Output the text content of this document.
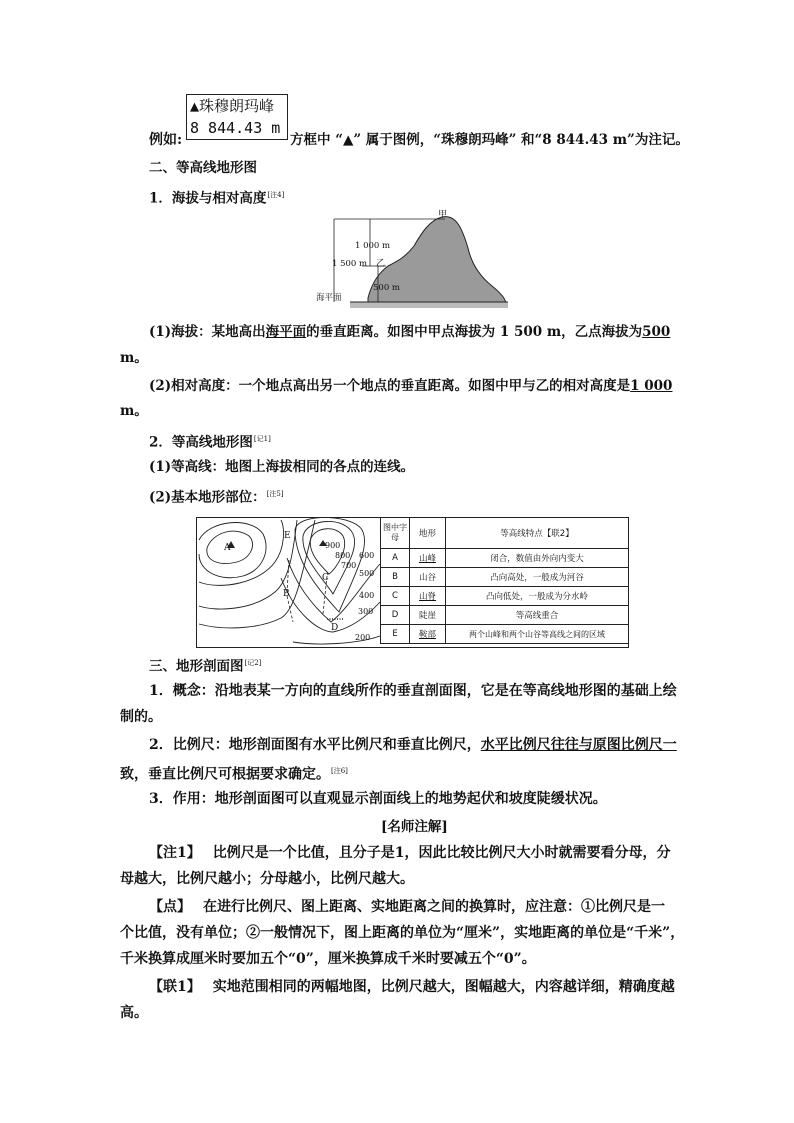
▲珠穆朗玛峰
8 844.43 m
例如:	方框中 “▲” 属于图例，“珠穆朗玛峰” 和“8 844.43 m”为注记。
二、等高线地形图
1．海拔与相对高度[注4]
甲
1 000 m
1 500 m 乙
500 m
海平面
(1)海拔：某地高出海平面的垂直距离。如图中甲点海拔为 1 500 m，乙点海拔为500
m。
(2)相对高度：一个地点高出另一个地点的垂直距离。如图中甲与乙的相对高度是1 000
m。
2．等高线地形图[记1]
(1)等高线：地图上海拔相同的各点的连线。
(2)基本地形部位：[注5]
A
E
900
800
700
600
C	500
B	400
300
D
200
图中字母	地形	等高线特点【联2】
A	山峰	闭合，数值由外向内变大
B	山谷	凸向高处，一般成为河谷
C	山脊	凸向低处，一般成为分水岭
D	陡崖	等高线重合
E	鞍部	两个山峰和两个山谷等高线之间的区域
三、地形剖面图[记2]
1．概念：沿地表某一方向的直线所作的垂直剖面图，它是在等高线地形图的基础上绘
制的。
2．比例尺：地形剖面图有水平比例尺和垂直比例尺，水平比例尺往往与原图比例尺一
致，垂直比例尺可根据要求确定。[注6]
3．作用：地形剖面图可以直观显示剖面线上的地势起伏和坡度陡缓状况。
[名师注解]
【注1】 比例尺是一个比值，且分子是1，因此比较比例尺大小时就需要看分母，分
母越大，比例尺越小；分母越小，比例尺越大。
【点】 在进行比例尺、图上距离、实地距离之间的换算时，应注意：①比例尺是一
个比值，没有单位；②一般情况下，图上距离的单位为“厘米”，实地距离的单位是“千米”，
千米换算成厘米时要加五个“0”，厘米换算成千米时要减五个“0”。
【联1】 实地范围相同的两幅地图，比例尺越大，图幅越大，内容越详细，精确度越
高。
